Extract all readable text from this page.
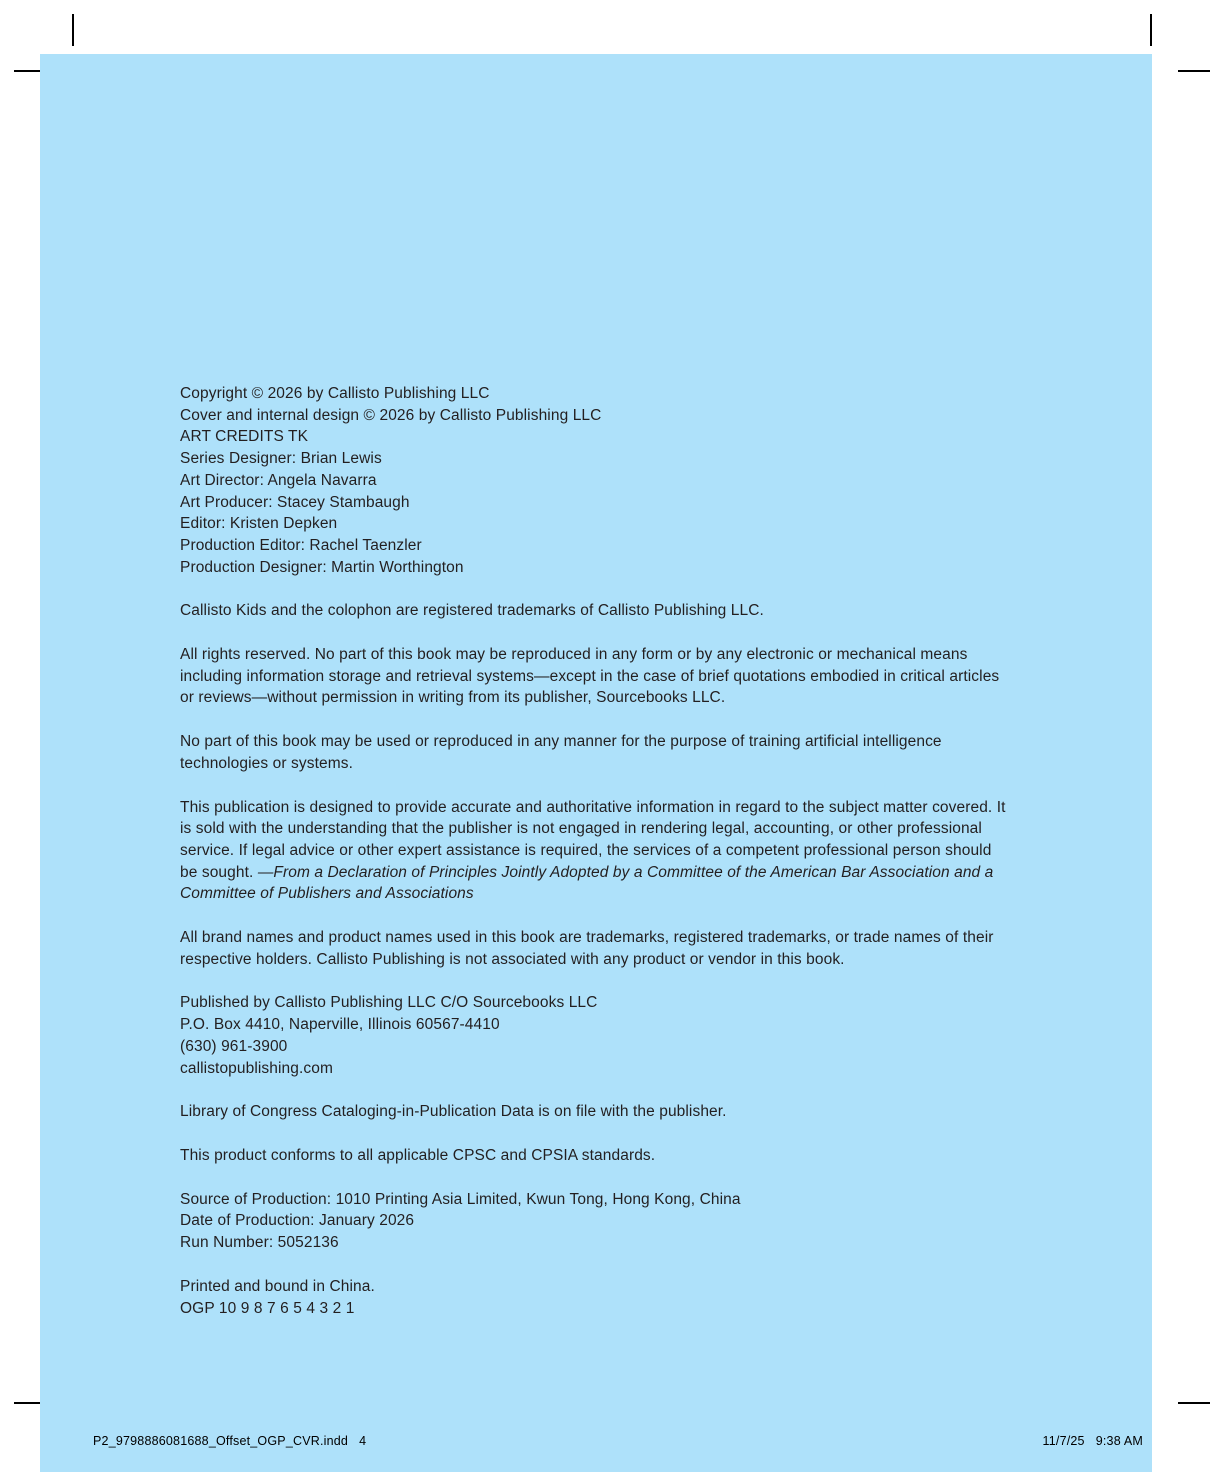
Copyright © 2026 by Callisto Publishing LLC
Cover and internal design © 2026 by Callisto Publishing LLC
ART CREDITS TK
Series Designer: Brian Lewis
Art Director: Angela Navarra
Art Producer: Stacey Stambaugh
Editor: Kristen Depken
Production Editor: Rachel Taenzler
Production Designer: Martin Worthington

Callisto Kids and the colophon are registered trademarks of Callisto Publishing LLC.

All rights reserved. No part of this book may be reproduced in any form or by any electronic or mechanical means including information storage and retrieval systems—except in the case of brief quotations embodied in critical articles or reviews—without permission in writing from its publisher, Sourcebooks LLC.

No part of this book may be used or reproduced in any manner for the purpose of training artificial intelligence technologies or systems.

This publication is designed to provide accurate and authoritative information in regard to the subject matter covered. It is sold with the understanding that the publisher is not engaged in rendering legal, accounting, or other professional service. If legal advice or other expert assistance is required, the services of a competent professional person should be sought. —From a Declaration of Principles Jointly Adopted by a Committee of the American Bar Association and a Committee of Publishers and Associations

All brand names and product names used in this book are trademarks, registered trademarks, or trade names of their respective holders. Callisto Publishing is not associated with any product or vendor in this book.

Published by Callisto Publishing LLC C/O Sourcebooks LLC
P.O. Box 4410, Naperville, Illinois 60567-4410
(630) 961-3900
callistopublishing.com

Library of Congress Cataloging-in-Publication Data is on file with the publisher.

This product conforms to all applicable CPSC and CPSIA standards.

Source of Production: 1010 Printing Asia Limited, Kwun Tong, Hong Kong, China
Date of Production: January 2026
Run Number: 5052136

Printed and bound in China.
OGP 10 9 8 7 6 5 4 3 2 1

P2_9798886081688_Offset_OGP_CVR.indd   4	11/7/25   9:38 AM
